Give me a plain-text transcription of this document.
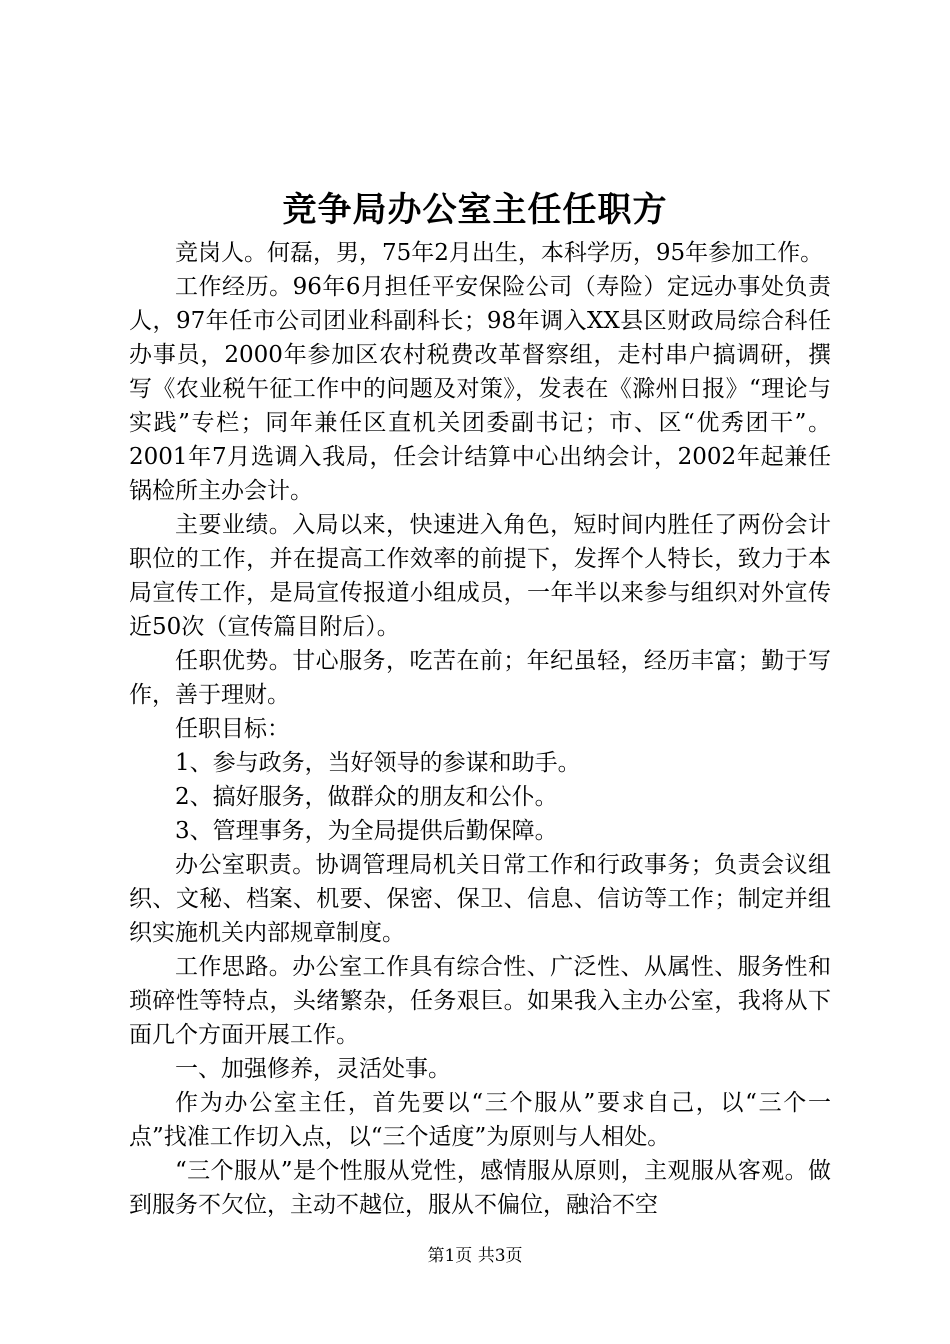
竞争局办公室主任任职方

竞岗人。何磊，男，75年2月出生，本科学历，95年参加工作。

工作经历。96年6月担任平安保险公司（寿险）定远办事处负责人，97年任市公司团业科副科长；98年调入XX县区财政局综合科任办事员，2000年参加区农村税费改革督察组，走村串户搞调研，撰写《农业税午征工作中的问题及对策》，发表在《滁州日报》“理论与实践”专栏；同年兼任区直机关团委副书记；市、区“优秀团干”。2001年7月选调入我局，任会计结算中心出纳会计，2002年起兼任锅检所主办会计。

主要业绩。入局以来，快速进入角色，短时间内胜任了两份会计职位的工作，并在提高工作效率的前提下，发挥个人特长，致力于本局宣传工作，是局宣传报道小组成员，一年半以来参与组织对外宣传近50次（宣传篇目附后）。

任职优势。甘心服务，吃苦在前；年纪虽轻，经历丰富；勤于写作，善于理财。

任职目标：

1、参与政务，当好领导的参谋和助手。

2、搞好服务，做群众的朋友和公仆。

3、管理事务，为全局提供后勤保障。

办公室职责。协调管理局机关日常工作和行政事务；负责会议组织、文秘、档案、机要、保密、保卫、信息、信访等工作；制定并组织实施机关内部规章制度。

工作思路。办公室工作具有综合性、广泛性、从属性、服务性和琐碎性等特点，头绪繁杂，任务艰巨。如果我入主办公室，我将从下面几个方面开展工作。

一、加强修养，灵活处事。

作为办公室主任，首先要以“三个服从”要求自己，以“三个一点”找准工作切入点，以“三个适度”为原则与人相处。

“三个服从”是个性服从党性，感情服从原则，主观服从客观。做到服务不欠位，主动不越位，服从不偏位，融洽不空

第1页 共3页
